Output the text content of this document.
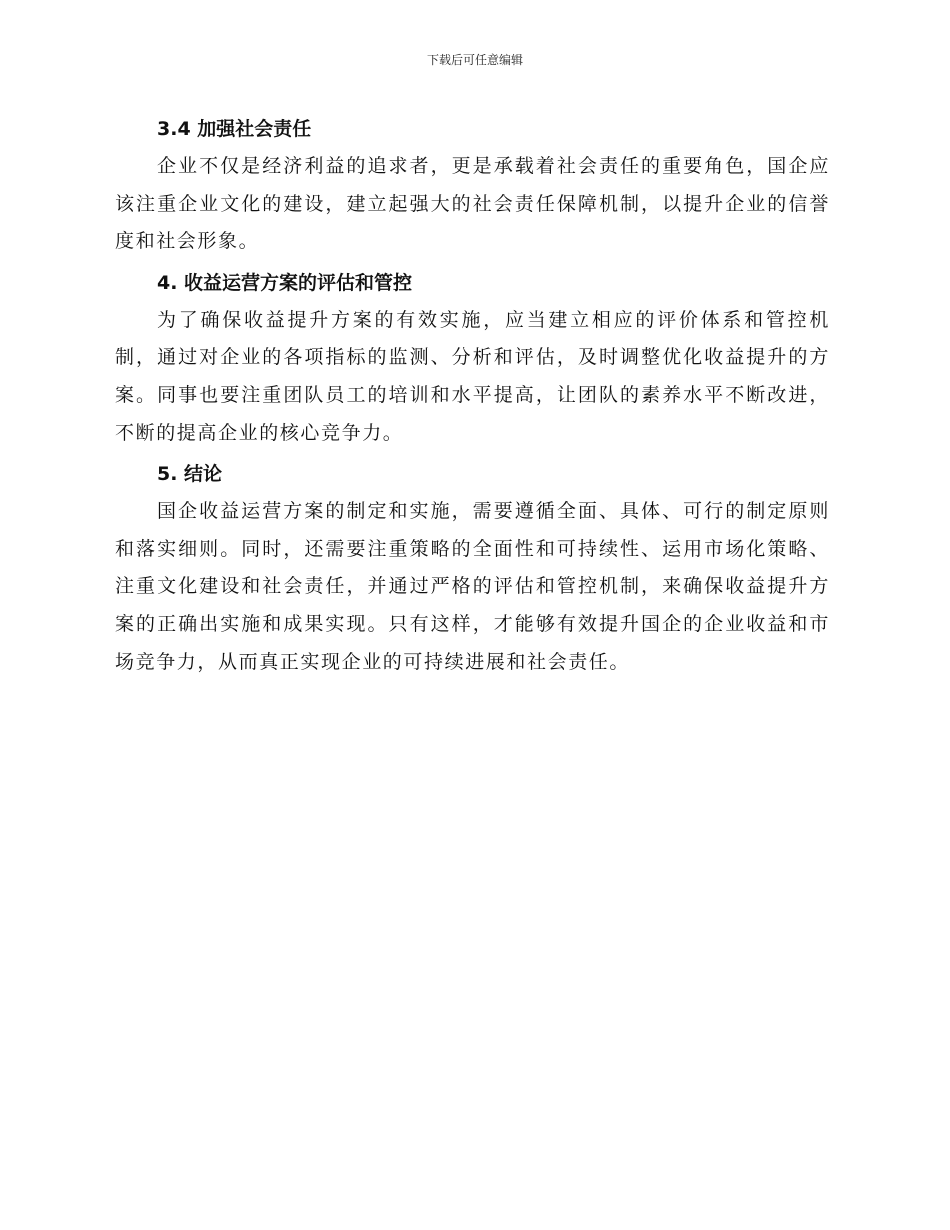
下载后可任意编辑
3.4 加强社会责任

企业不仅是经济利益的追求者，更是承载着社会责任的重要角色，国企应该注重企业文化的建设，建立起强大的社会责任保障机制，以提升企业的信誉度和社会形象。

4. 收益运营方案的评估和管控

为了确保收益提升方案的有效实施，应当建立相应的评价体系和管控机制，通过对企业的各项指标的监测、分析和评估，及时调整优化收益提升的方案。同事也要注重团队员工的培训和水平提高，让团队的素养水平不断改进，不断的提高企业的核心竞争力。

5. 结论

国企收益运营方案的制定和实施，需要遵循全面、具体、可行的制定原则和落实细则。同时，还需要注重策略的全面性和可持续性、运用市场化策略、注重文化建设和社会责任，并通过严格的评估和管控机制，来确保收益提升方案的正确出实施和成果实现。只有这样，才能够有效提升国企的企业收益和市场竞争力，从而真正实现企业的可持续进展和社会责任。
